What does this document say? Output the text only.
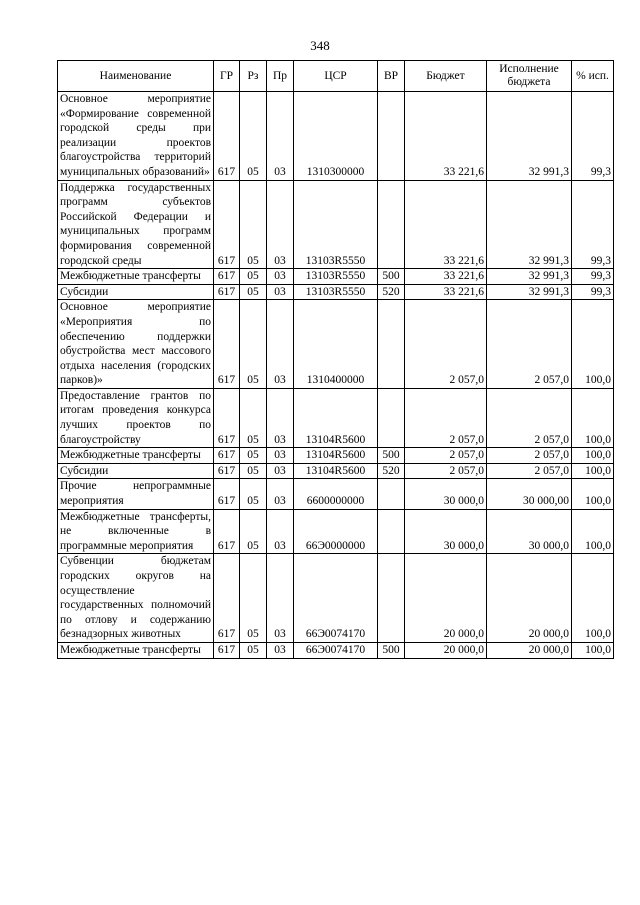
348
Наименование	ГР	Рз	Пр	ЦСР	ВР	Бюджет	Исполнение бюджета	% исп.
Основное мероприятие «Формирование современной городской среды при реализации проектов благоустройства территорий муниципальных образований»	617	05	03	1310300000		33 221,6	32 991,3	99,3
Поддержка государственных программ субъектов Российской Федерации и муниципальных программ формирования современной городской среды	617	05	03	13103R5550		33 221,6	32 991,3	99,3
Межбюджетные трансферты	617	05	03	13103R5550	500	33 221,6	32 991,3	99,3
Субсидии	617	05	03	13103R5550	520	33 221,6	32 991,3	99,3
Основное мероприятие «Мероприятия по обеспечению поддержки обустройства мест массового отдыха населения (городских парков)»	617	05	03	1310400000		2 057,0	2 057,0	100,0
Предоставление грантов по итогам проведения конкурса лучших проектов по благоустройству	617	05	03	13104R5600		2 057,0	2 057,0	100,0
Межбюджетные трансферты	617	05	03	13104R5600	500	2 057,0	2 057,0	100,0
Субсидии	617	05	03	13104R5600	520	2 057,0	2 057,0	100,0
Прочие непрограммные мероприятия	617	05	03	6600000000		30 000,0	30 000,00	100,0
Межбюджетные трансферты, не включенные в программные мероприятия	617	05	03	66Э0000000		30 000,0	30 000,0	100,0
Субвенции бюджетам городских округов на осуществление государственных полномочий по отлову и содержанию безнадзорных животных	617	05	03	66Э0074170		20 000,0	20 000,0	100,0
Межбюджетные трансферты	617	05	03	66Э0074170	500	20 000,0	20 000,0	100,0
